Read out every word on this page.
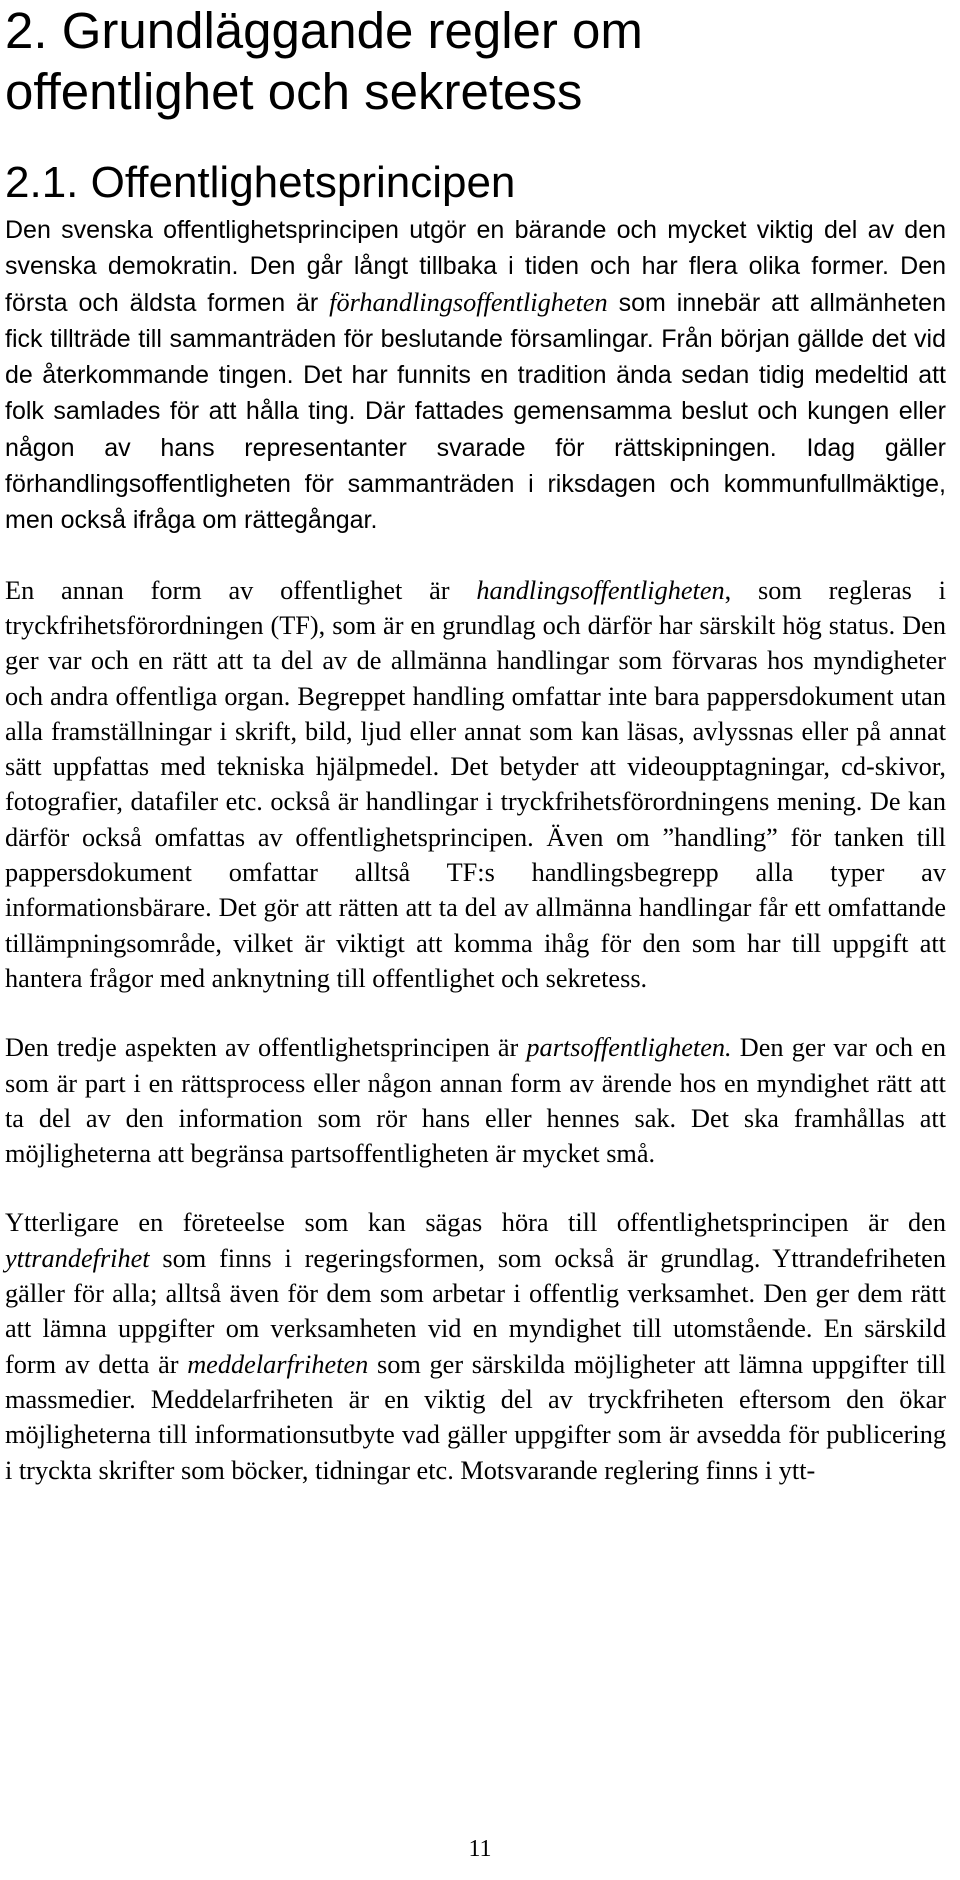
2. Grundläggande regler om
offentlighet och sekretess
2.1. Offentlighetsprincipen

Den svenska offentlighetsprincipen utgör en bärande och mycket viktig del av den svenska demokratin. Den går långt tillbaka i tiden och har flera olika former. Den första och äldsta formen är förhandlingsoffentligheten som innebär att allmänheten fick tillträde till sammanträden för beslutande församlingar. Från början gällde det vid de återkommande tingen. Det har funnits en tradition ända sedan tidig medeltid att folk samlades för att hålla ting. Där fattades gemensamma beslut och kungen eller någon av hans representanter svarade för rättskipningen. Idag gäller förhandlingsoffentligheten för sammanträden i riksdagen och kommunfullmäktige, men också ifråga om rättegångar.

En annan form av offentlighet är handlingsoffentligheten, som regleras i tryckfrihetsförordningen (TF), som är en grundlag och därför har särskilt hög status. Den ger var och en rätt att ta del av de allmänna handlingar som förvaras hos myndigheter och andra offentliga organ. Begreppet handling omfattar inte bara pappersdokument utan alla framställningar i skrift, bild, ljud eller annat som kan läsas, avlyssnas eller på annat sätt uppfattas med tekniska hjälpmedel. Det betyder att videoupptagningar, cd-skivor, fotografier, datafiler etc. också är handlingar i tryckfrihetsförordningens mening. De kan därför också omfattas av offentlighetsprincipen. Även om ”handling” för tanken till pappersdokument omfattar alltså TF:s handlingsbegrepp alla typer av informationsbärare. Det gör att rätten att ta del av allmänna handlingar får ett omfattande tillämpningsområde, vilket är viktigt att komma ihåg för den som har till uppgift att hantera frågor med anknytning till offentlighet och sekretess.

Den tredje aspekten av offentlighetsprincipen är partsoffentligheten. Den ger var och en som är part i en rättsprocess eller någon annan form av ärende hos en myndighet rätt att ta del av den information som rör hans eller hennes sak. Det ska framhållas att möjligheterna att begränsa partsoffentligheten är mycket små.

Ytterligare en företeelse som kan sägas höra till offentlighetsprincipen är den yttrandefrihet som finns i regeringsformen, som också är grundlag. Yttrandefriheten gäller för alla; alltså även för dem som arbetar i offentlig verksamhet. Den ger dem rätt att lämna uppgifter om verksamheten vid en myndighet till utomstående. En särskild form av detta är meddelarfriheten som ger särskilda möjligheter att lämna uppgifter till massmedier. Meddelarfriheten är en viktig del av tryckfriheten eftersom den ökar möjligheterna till informationsutbyte vad gäller uppgifter som är avsedda för publicering i tryckta skrifter som böcker, tidningar etc. Motsvarande reglering finns i ytt-

11
